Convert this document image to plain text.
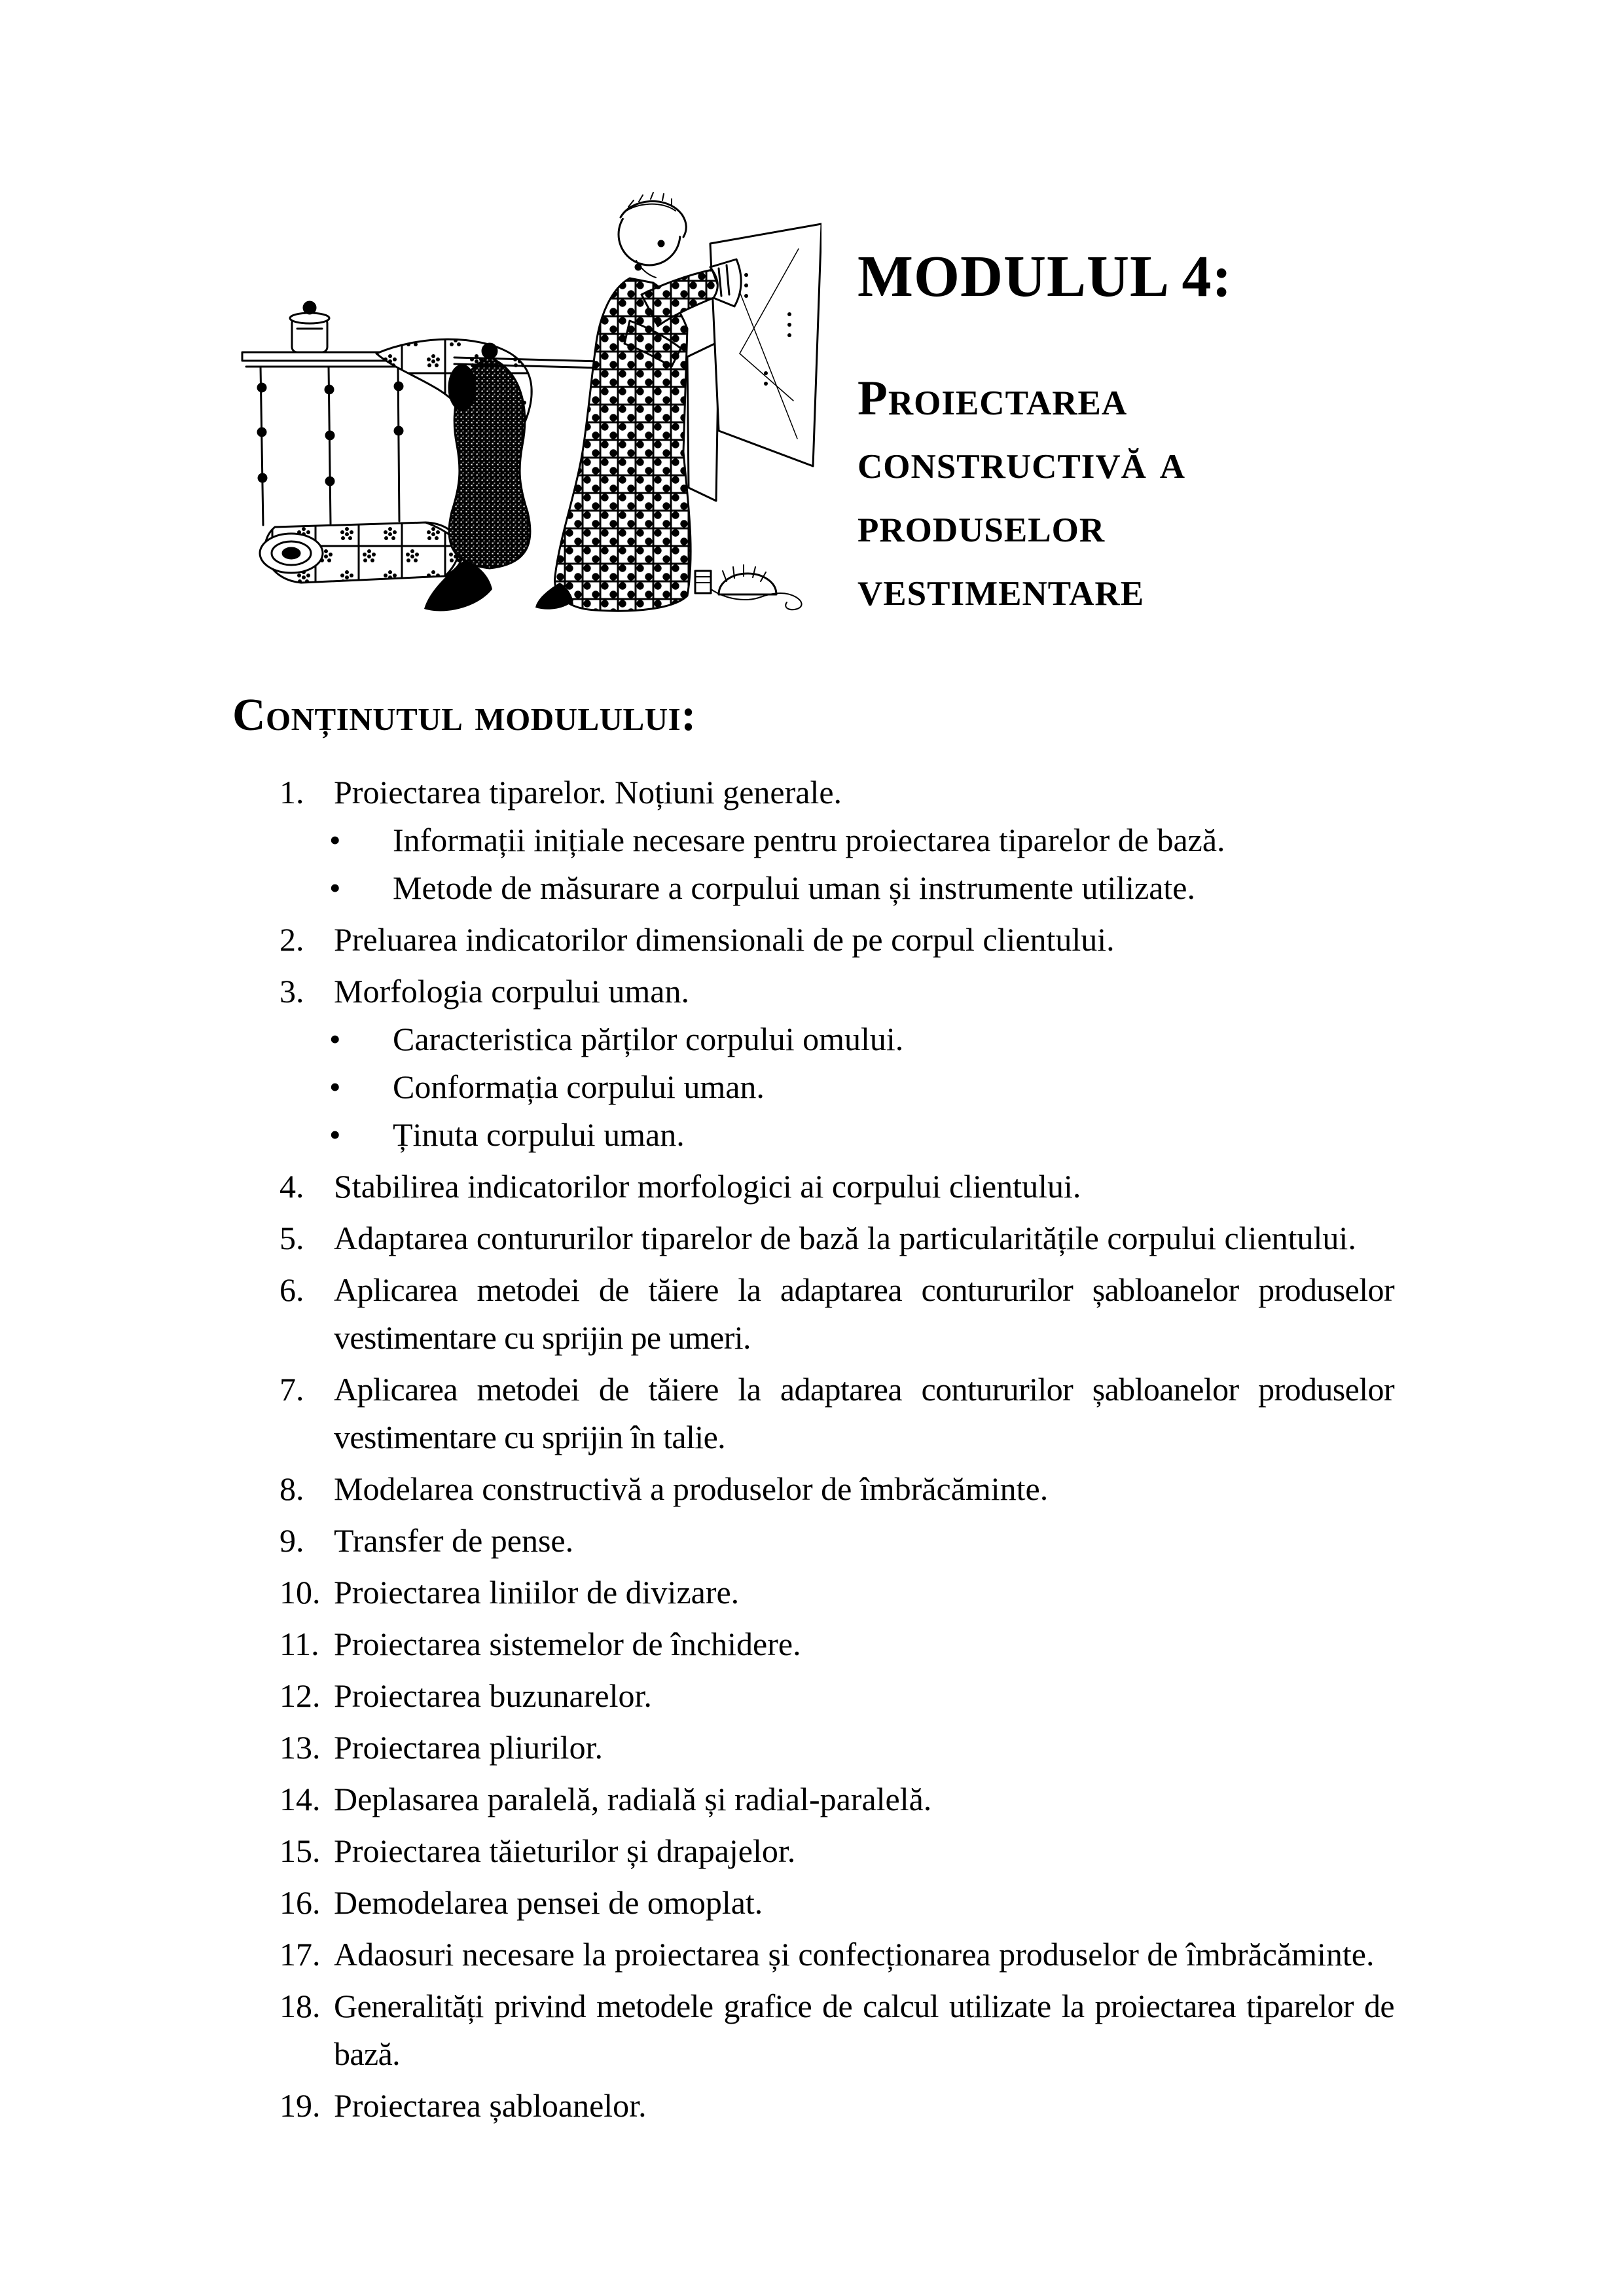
MODULUL 4:
Proiectarea constructivă a produselor vestimentare
Conținutul modulului:
1. Proiectarea tiparelor. Noțiuni generale.
• Informații inițiale necesare pentru proiectarea tiparelor de bază.
• Metode de măsurare a corpului uman și instrumente utilizate.
2. Preluarea indicatorilor dimensionali de pe corpul clientului.
3. Morfologia corpului uman.
• Caracteristica părților corpului omului.
• Conformația corpului uman.
• Ținuta corpului uman.
4. Stabilirea indicatorilor morfologici ai corpului clientului.
5. Adaptarea contururilor tiparelor de bază la particularitățile corpului clientului.
6. Aplicarea metodei de tăiere la adaptarea contururilor șabloanelor produselor vestimentare cu sprijin pe umeri.
7. Aplicarea metodei de tăiere la adaptarea contururilor șabloanelor produselor vestimentare cu sprijin în talie.
8. Modelarea constructivă a produselor de îmbrăcăminte.
9. Transfer de pense.
10. Proiectarea liniilor de divizare.
11. Proiectarea sistemelor de închidere.
12. Proiectarea buzunarelor.
13. Proiectarea pliurilor.
14. Deplasarea paralelă, radială și radial-paralelă.
15. Proiectarea tăieturilor și drapajelor.
16. Demodelarea pensei de omoplat.
17. Adaosuri necesare la proiectarea și confecționarea produselor de îmbrăcăminte.
18. Generalități privind metodele grafice de calcul utilizate la proiectarea tiparelor de bază.
19. Proiectarea șabloanelor.
